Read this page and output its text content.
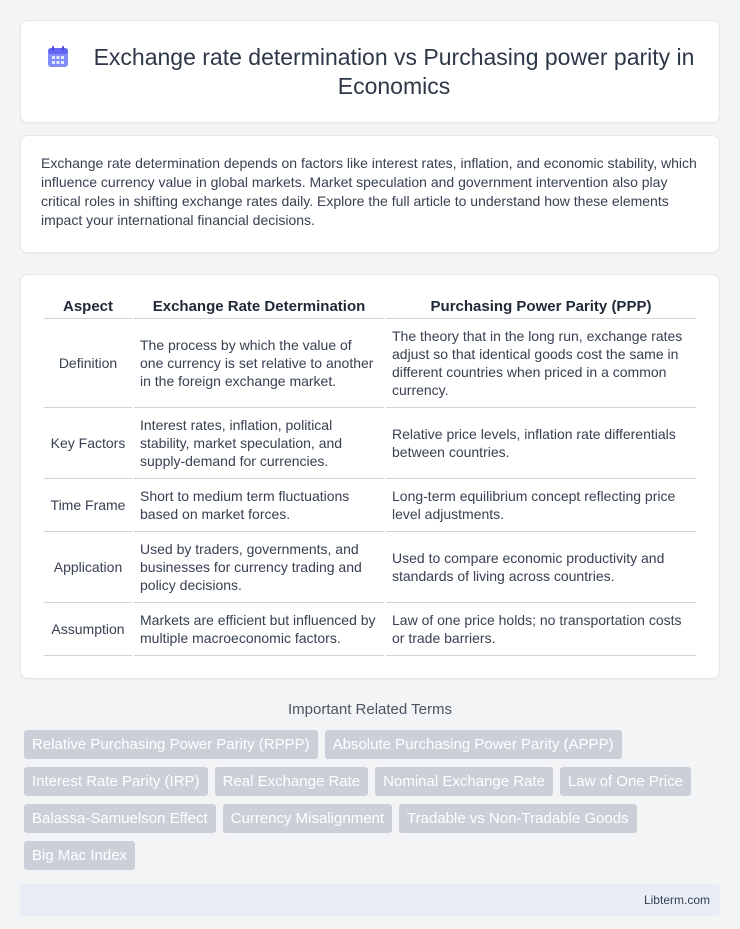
Exchange rate determination vs Purchasing power parity in Economics

Exchange rate determination depends on factors like interest rates, inflation, and economic stability, which influence currency value in global markets. Market speculation and government intervention also play critical roles in shifting exchange rates daily. Explore the full article to understand how these elements impact your international financial decisions.

Aspect	Exchange Rate Determination	Purchasing Power Parity (PPP)
Definition	The process by which the value of one currency is set relative to another in the foreign exchange market.	The theory that in the long run, exchange rates adjust so that identical goods cost the same in different countries when priced in a common currency.
Key Factors	Interest rates, inflation, political stability, market speculation, and supply-demand for currencies.	Relative price levels, inflation rate differentials between countries.
Time Frame	Short to medium term fluctuations based on market forces.	Long-term equilibrium concept reflecting price level adjustments.
Application	Used by traders, governments, and businesses for currency trading and policy decisions.	Used to compare economic productivity and standards of living across countries.
Assumption	Markets are efficient but influenced by multiple macroeconomic factors.	Law of one price holds; no transportation costs or trade barriers.
Important Related Terms
Relative Purchasing Power Parity (RPPP)	Absolute Purchasing Power Parity (APPP)
Interest Rate Parity (IRP)	Real Exchange Rate	Nominal Exchange Rate	Law of One Price
Balassa-Samuelson Effect	Currency Misalignment	Tradable vs Non-Tradable Goods
Big Mac Index
Libterm.com
